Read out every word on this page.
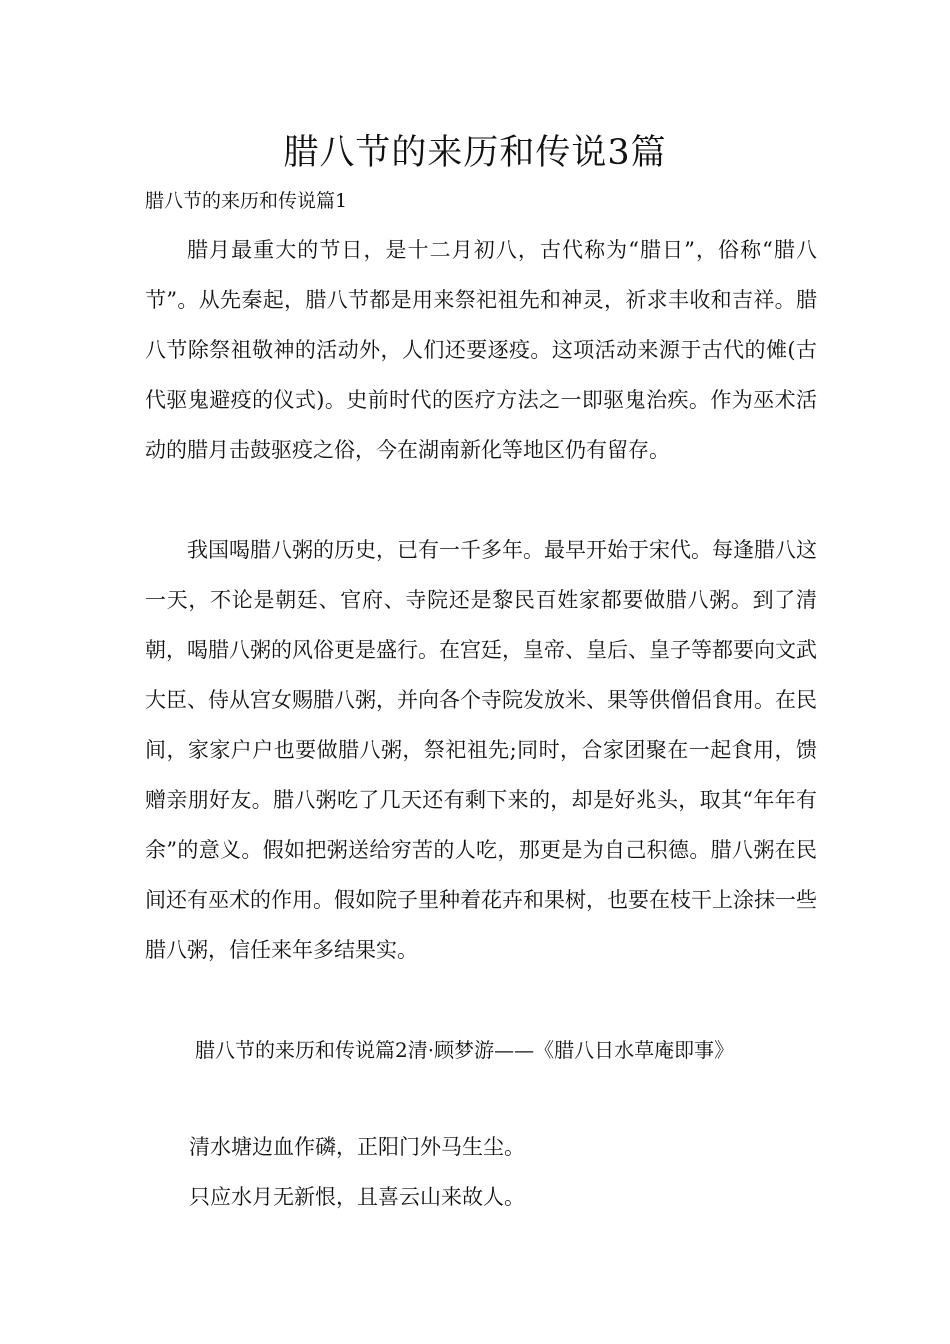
腊八节的来历和传说3篇

腊八节的来历和传说篇1

腊月最重大的节日，是十二月初八，古代称为“腊日”，俗称“腊八节”。从先秦起，腊八节都是用来祭祀祖先和神灵，祈求丰收和吉祥。腊八节除祭祖敬神的活动外，人们还要逐疫。这项活动来源于古代的傩(古代驱鬼避疫的仪式)。史前时代的医疗方法之一即驱鬼治疾。作为巫术活动的腊月击鼓驱疫之俗，今在湖南新化等地区仍有留存。

我国喝腊八粥的历史，已有一千多年。最早开始于宋代。每逢腊八这一天，不论是朝廷、官府、寺院还是黎民百姓家都要做腊八粥。到了清朝，喝腊八粥的风俗更是盛行。在宫廷，皇帝、皇后、皇子等都要向文武大臣、侍从宫女赐腊八粥，并向各个寺院发放米、果等供僧侣食用。在民间，家家户户也要做腊八粥，祭祀祖先;同时，合家团聚在一起食用，馈赠亲朋好友。腊八粥吃了几天还有剩下来的，却是好兆头，取其“年年有余”的意义。假如把粥送给穷苦的人吃，那更是为自己积德。腊八粥在民间还有巫术的作用。假如院子里种着花卉和果树，也要在枝干上涂抹一些腊八粥，信任来年多结果实。

腊八节的来历和传说篇2清·顾梦游——《腊八日水草庵即事》

清水塘边血作磷，正阳门外马生尘。

只应水月无新恨，且喜云山来故人。
